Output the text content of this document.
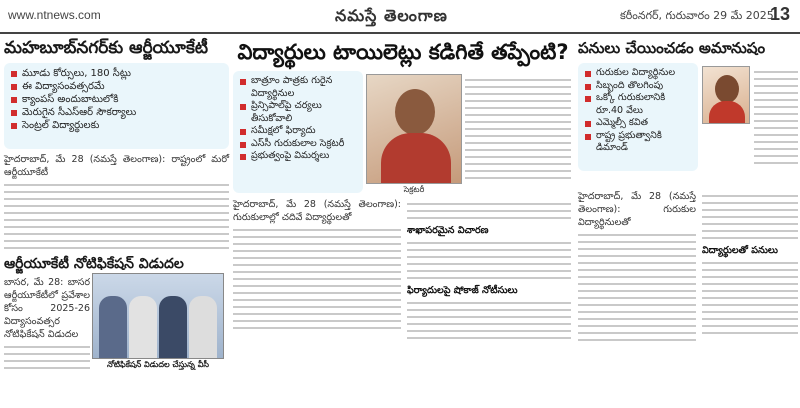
www.ntnews.com	నమస్తే తెలంగాణ	కరీంనగర్, గురువారం 29 మే 2025
13
మహబూబ్‌నగర్‌కు ఆర్జీయూకేటీ
మూడు కోర్సులు, 180 సీట్లు
ఈ విద్యాసంవత్సరమే
క్యాంపస్ అందుబాటులోకి
మెరుగైన సీఎస్‌ఆర్ సౌకర్యాలు
సెంట్రల్ విద్యార్థులకు
హైదరాబాద్, మే 28 (నమస్తే తెలంగాణ): రాష్ట్రంలో మరో ఆర్జీయూకేటీ
ఆర్జీయూకేటీ నోటిఫికేషన్ విడుదల
బాసర, మే 28: బాసర ఆర్జీయూకేటీలో ప్రవేశాల కోసం 2025-26 విద్యాసంవత్సర నోటిఫికేషన్ విడుదల
నోటిఫికేషన్ విడుదల చేస్తున్న వీసీ
విద్యార్థులు టాయిలెట్లు కడిగితే తప్పేంటి?
బాత్రూం పాత్రకు గురైన విద్యార్థినుల
ప్రిన్సిపాల్‌పై చర్యలు తీసుకోవాలి
సమీక్షలో ఫిర్యాదు
ఎస్‌సీ గురుకులాల సెక్రటరీ
ప్రభుత్వంపై విమర్శలు
సెక్రటరీ
హైదరాబాద్, మే 28 (నమస్తే తెలంగాణ): గురుకులాల్లో చదివే విద్యార్థులతో
శాఖాపరమైన విచారణ
ఫిర్యాదులపై షోకాజ్ నోటీసులు
పనులు చేయించడం అమానుషం
గురుకుల విద్యార్థినుల
సిబ్బంది తొలగింపు
ఒక్కో గురుకులానికి రూ.40 వేలు
ఎమ్మెల్సీ కవిత
రాష్ట్ర ప్రభుత్వానికి డిమాండ్
హైదరాబాద్, మే 28 (నమస్తే తెలంగాణ): గురుకుల విద్యార్థినులతో
విద్యార్థులతో పనులు
